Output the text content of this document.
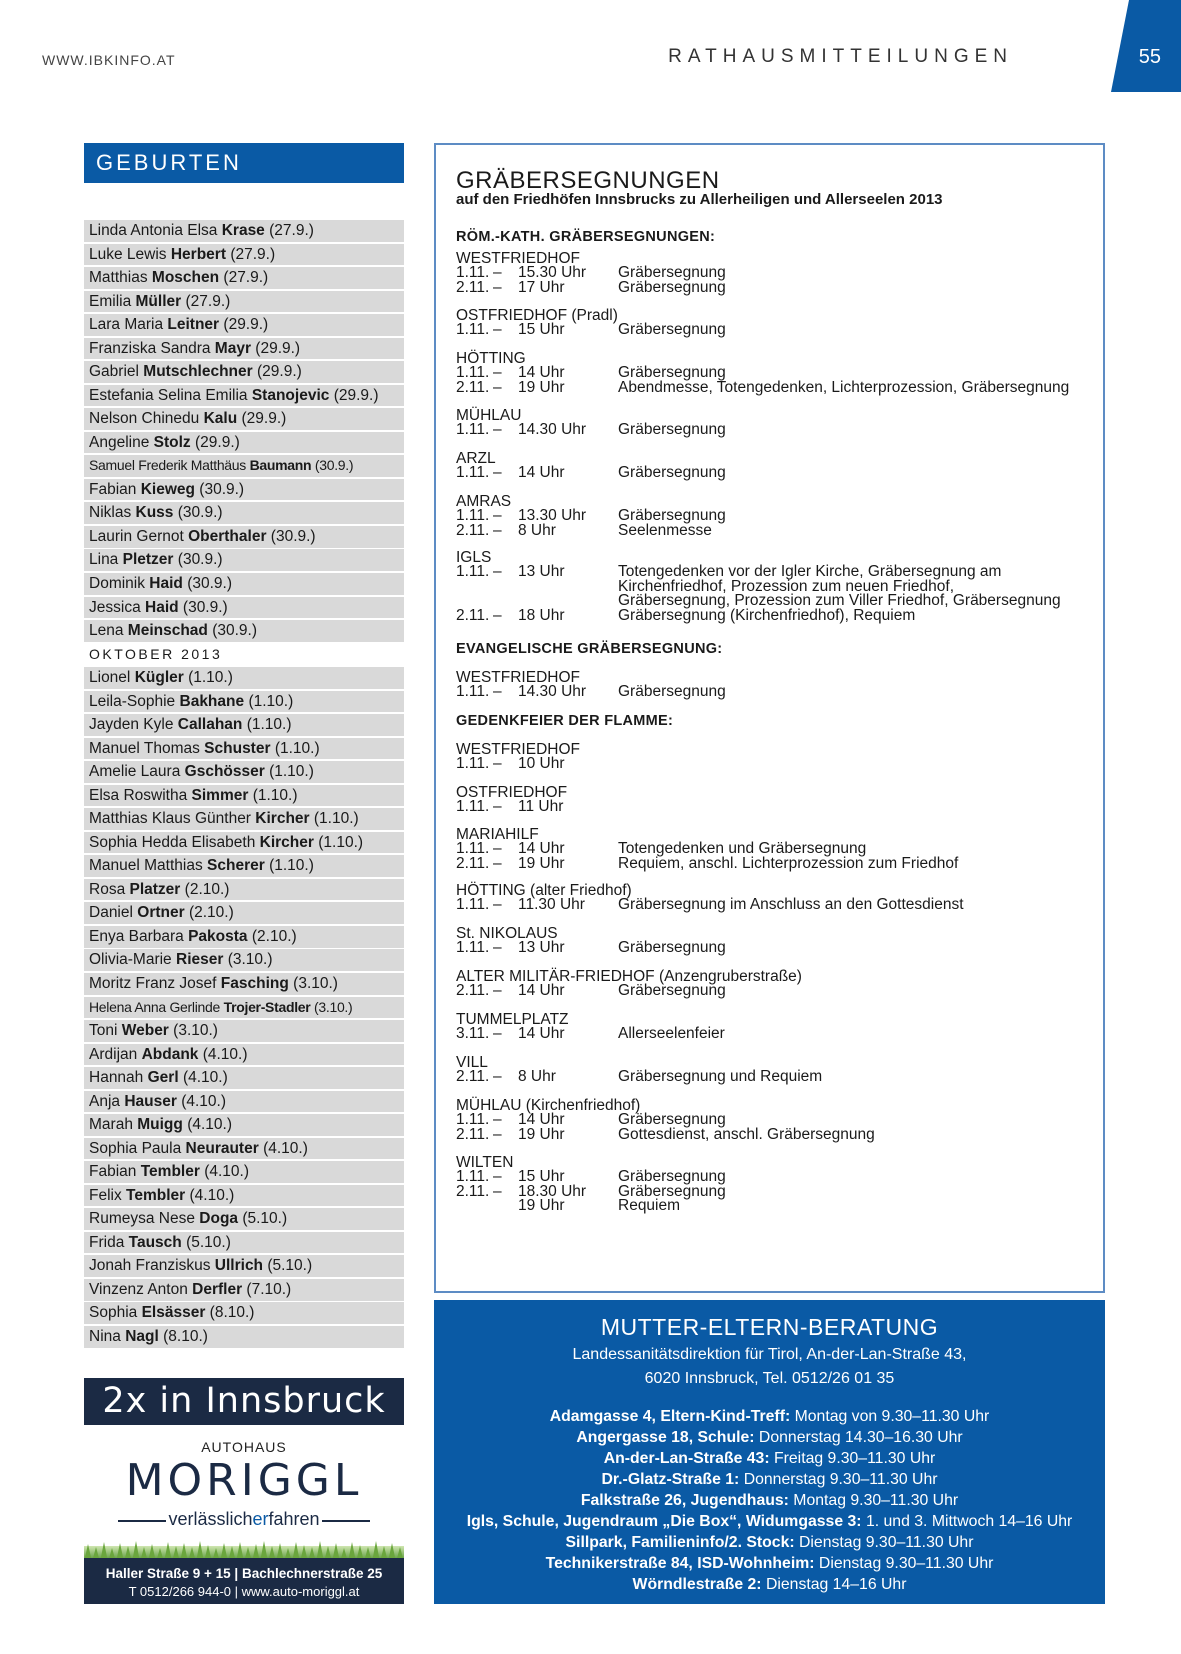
WWW.IBKINFO.AT	RATHAUSMITTEILUNGEN	55
GEBURTEN
Linda Antonia Elsa Krase (27.9.)
Luke Lewis Herbert (27.9.)
Matthias Moschen (27.9.)
Emilia Müller (27.9.)
Lara Maria Leitner (29.9.)
Franziska Sandra Mayr (29.9.)
Gabriel Mutschlechner (29.9.)
Estefania Selina Emilia Stanojevic (29.9.)
Nelson Chinedu Kalu (29.9.)
Angeline Stolz (29.9.)
Samuel Frederik Matthäus Baumann (30.9.)
Fabian Kieweg (30.9.)
Niklas Kuss (30.9.)
Laurin Gernot Oberthaler (30.9.)
Lina Pletzer (30.9.)
Dominik Haid (30.9.)
Jessica Haid (30.9.)
Lena Meinschad (30.9.)
OKTOBER 2013
Lionel Kügler (1.10.)
Leila-Sophie Bakhane (1.10.)
Jayden Kyle Callahan (1.10.)
Manuel Thomas Schuster (1.10.)
Amelie Laura Gschösser (1.10.)
Elsa Roswitha Simmer (1.10.)
Matthias Klaus Günther Kircher (1.10.)
Sophia Hedda Elisabeth Kircher (1.10.)
Manuel Matthias Scherer (1.10.)
Rosa Platzer (2.10.)
Daniel Ortner (2.10.)
Enya Barbara Pakosta (2.10.)
Olivia-Marie Rieser (3.10.)
Moritz Franz Josef Fasching (3.10.)
Helena Anna Gerlinde Trojer-Stadler (3.10.)
Toni Weber (3.10.)
Ardijan Abdank (4.10.)
Hannah Gerl (4.10.)
Anja Hauser (4.10.)
Marah Muigg (4.10.)
Sophia Paula Neurauter (4.10.)
Fabian Tembler (4.10.)
Felix Tembler (4.10.)
Rumeysa Nese Doga (5.10.)
Frida Tausch (5.10.)
Jonah Franziskus Ullrich (5.10.)
Vinzenz Anton Derfler (7.10.)
Sophia Elsässer (8.10.)
Nina Nagl (8.10.)
2x in Innsbruck
AUTOHAUS
MORIGGL
verlässlicherfahren
Haller Straße 9 + 15 | Bachlechnerstraße 25
T 0512/266 944-0 | www.auto-moriggl.at
GRÄBERSEGNUNGEN
auf den Friedhöfen Innsbrucks zu Allerheiligen und Allerseelen 2013
RÖM.-KATH. GRÄBERSEGNUNGEN:
EVANGELISCHE GRÄBERSEGNUNG:
GEDENKFEIER DER FLAMME:
WESTFRIEDHOF
1.11. – 15.30 Uhr Gräbersegnung
2.11. – 17 Uhr	Gräbersegnung
OSTFRIEDHOF (Pradl)
1.11. – 15 Uhr	Gräbersegnung
HÖTTING
1.11. – 14 Uhr	Gräbersegnung
2.11. – 19 Uhr	Abendmesse, Totengedenken, Lichterprozession, Gräbersegnung
MÜHLAU
1.11. – 14.30 Uhr Gräbersegnung
ARZL
1.11. – 14 Uhr	Gräbersegnung
AMRAS
1.11. – 13.30 Uhr Gräbersegnung
2.11. – 8 Uhr	Seelenmesse
IGLS
1.11. – 13 Uhr	Totengedenken vor der Igler Kirche, Gräbersegnung am
Kirchenfriedhof, Prozession zum neuen Friedhof,
Gräbersegnung, Prozession zum Viller Friedhof, Gräbersegnung
2.11. – 18 Uhr	Gräbersegnung (Kirchenfriedhof), Requiem
WESTFRIEDHOF
1.11. – 14.30 Uhr Gräbersegnung
WESTFRIEDHOF
1.11. – 10 Uhr
OSTFRIEDHOF
1.11. – 11 Uhr
MARIAHILF
1.11. – 14 Uhr	Totengedenken und Gräbersegnung
2.11. – 19 Uhr	Requiem, anschl. Lichterprozession zum Friedhof
HÖTTING (alter Friedhof)
1.11. – 11.30 Uhr Gräbersegnung im Anschluss an den Gottesdienst
St. NIKOLAUS
1.11. – 13 Uhr	Gräbersegnung
ALTER MILITÄR-FRIEDHOF (Anzengruberstraße)
2.11. – 14 Uhr	Gräbersegnung
TUMMELPLATZ
3.11. – 14 Uhr	Allerseelenfeier
VILL
2.11. – 8 Uhr	Gräbersegnung und Requiem
MÜHLAU (Kirchenfriedhof)
1.11. – 14 Uhr	Gräbersegnung
2.11. – 19 Uhr	Gottesdienst, anschl. Gräbersegnung
WILTEN
1.11. – 15 Uhr	Gräbersegnung
2.11. – 18.30 Uhr Gräbersegnung
19 Uhr	Requiem
MUTTER-ELTERN-BERATUNG
Landessanitätsdirektion für Tirol, An-der-Lan-Straße 43,
6020 Innsbruck, Tel. 0512/26 01 35
Adamgasse 4, Eltern-Kind-Treff: Montag von 9.30–11.30 Uhr
Angergasse 18, Schule: Donnerstag 14.30–16.30 Uhr
An-der-Lan-Straße 43: Freitag 9.30–11.30 Uhr
Dr.-Glatz-Straße 1: Donnerstag 9.30–11.30 Uhr
Falkstraße 26, Jugendhaus: Montag 9.30–11.30 Uhr
Igls, Schule, Jugendraum „Die Box“, Widumgasse 3: 1. und 3. Mittwoch 14–16 Uhr
Sillpark, Familieninfo/2. Stock: Dienstag 9.30–11.30 Uhr
Technikerstraße 84, ISD-Wohnheim: Dienstag 9.30–11.30 Uhr
Wörndlestraße 2: Dienstag 14–16 Uhr
